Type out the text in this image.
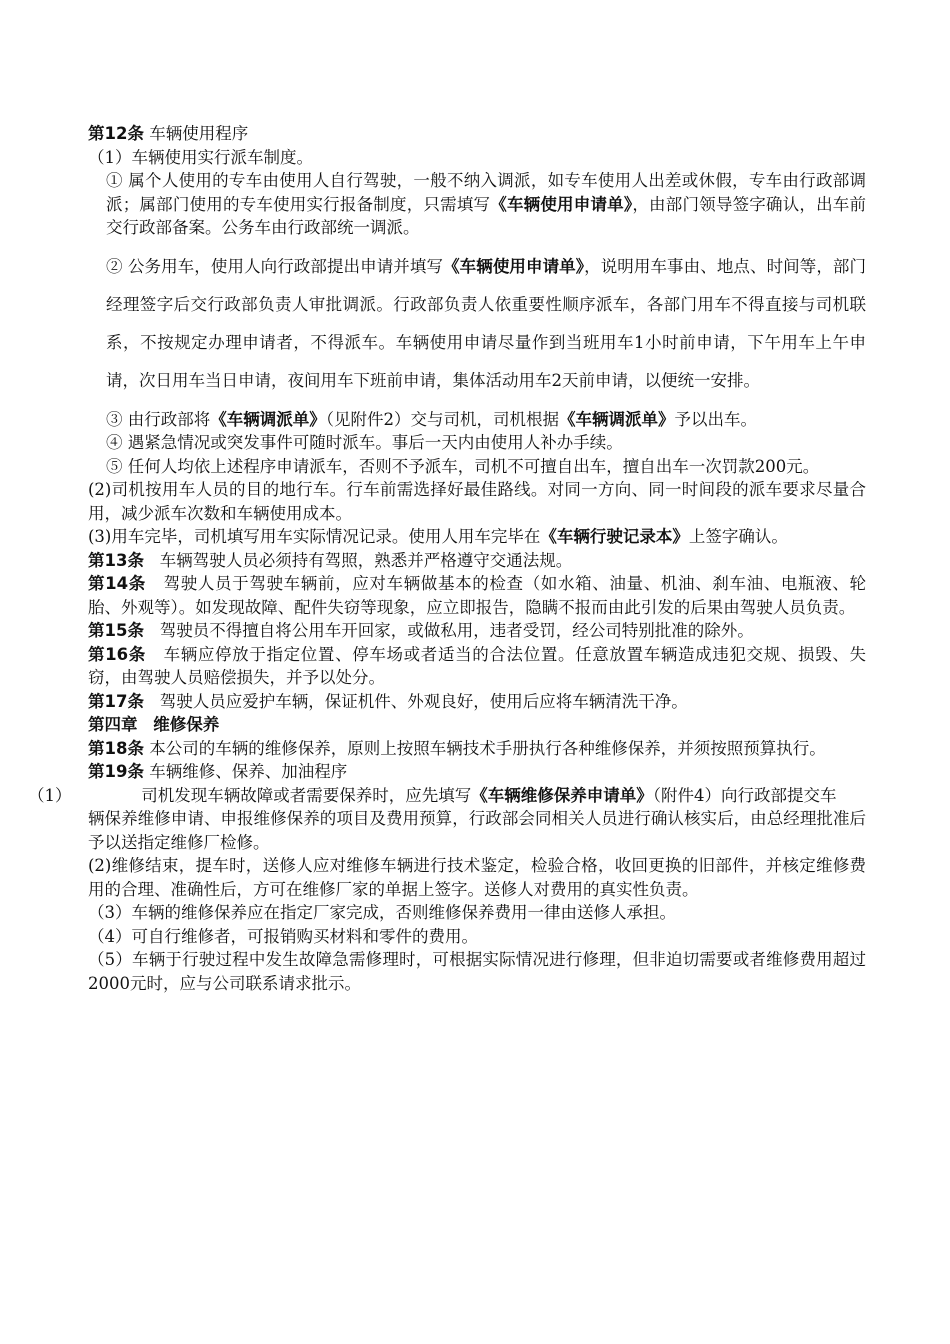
第12条 车辆使用程序
（1）车辆使用实行派车制度。
① 属个人使用的专车由使用人自行驾驶，一般不纳入调派，如专车使用人出差或休假，专车由行政部调派；属部门使用的专车使用实行报备制度，只需填写《车辆使用申请单》，由部门领导签字确认，出车前交行政部备案。公务车由行政部统一调派。
② 公务用车，使用人向行政部提出申请并填写《车辆使用申请单》，说明用车事由、地点、时间等，部门经理签字后交行政部负责人审批调派。行政部负责人依重要性顺序派车，各部门用车不得直接与司机联系，不按规定办理申请者，不得派车。车辆使用申请尽量作到当班用车1小时前申请，下午用车上午申请，次日用车当日申请，夜间用车下班前申请，集体活动用车2天前申请，以便统一安排。
③ 由行政部将《车辆调派单》（见附件2）交与司机，司机根据《车辆调派单》予以出车。
④ 遇紧急情况或突发事件可随时派车。事后一天内由使用人补办手续。
⑤ 任何人均依上述程序申请派车，否则不予派车，司机不可擅自出车，擅自出车一次罚款200元。
(2)司机按用车人员的目的地行车。行车前需选择好最佳路线。对同一方向、同一时间段的派车要求尽量合用，减少派车次数和车辆使用成本。
(3)用车完毕，司机填写用车实际情况记录。使用人用车完毕在《车辆行驶记录本》上签字确认。
第13条 车辆驾驶人员必须持有驾照，熟悉并严格遵守交通法规。
第14条 驾驶人员于驾驶车辆前，应对车辆做基本的检查（如水箱、油量、机油、刹车油、电瓶液、轮胎、外观等）。如发现故障、配件失窃等现象，应立即报告，隐瞒不报而由此引发的后果由驾驶人员负责。
第15条 驾驶员不得擅自将公用车开回家，或做私用，违者受罚，经公司特别批准的除外。
第16条 车辆应停放于指定位置、停车场或者适当的合法位置。任意放置车辆造成违犯交规、损毁、失窃，由驾驶人员赔偿损失，并予以处分。
第17条 驾驶人员应爱护车辆，保证机件、外观良好，使用后应将车辆清洗干净。
第四章 维修保养
第18条 本公司的车辆的维修保养，原则上按照车辆技术手册执行各种维修保养，并须按照预算执行。
第19条 车辆维修、保养、加油程序
（1）	司机发现车辆故障或者需要保养时，应先填写《车辆维修保养申请单》（附件4）向行政部提交车
辆保养维修申请、申报维修保养的项目及费用预算，行政部会同相关人员进行确认核实后，由总经理批准后予以送指定维修厂检修。
(2)维修结束，提车时，送修人应对维修车辆进行技术鉴定，检验合格，收回更换的旧部件，并核定维修费用的合理、准确性后，方可在维修厂家的单据上签字。送修人对费用的真实性负责。
（3）车辆的维修保养应在指定厂家完成，否则维修保养费用一律由送修人承担。
（4）可自行维修者，可报销购买材料和零件的费用。
（5）车辆于行驶过程中发生故障急需修理时，可根据实际情况进行修理，但非迫切需要或者维修费用超过2000元时，应与公司联系请求批示。
